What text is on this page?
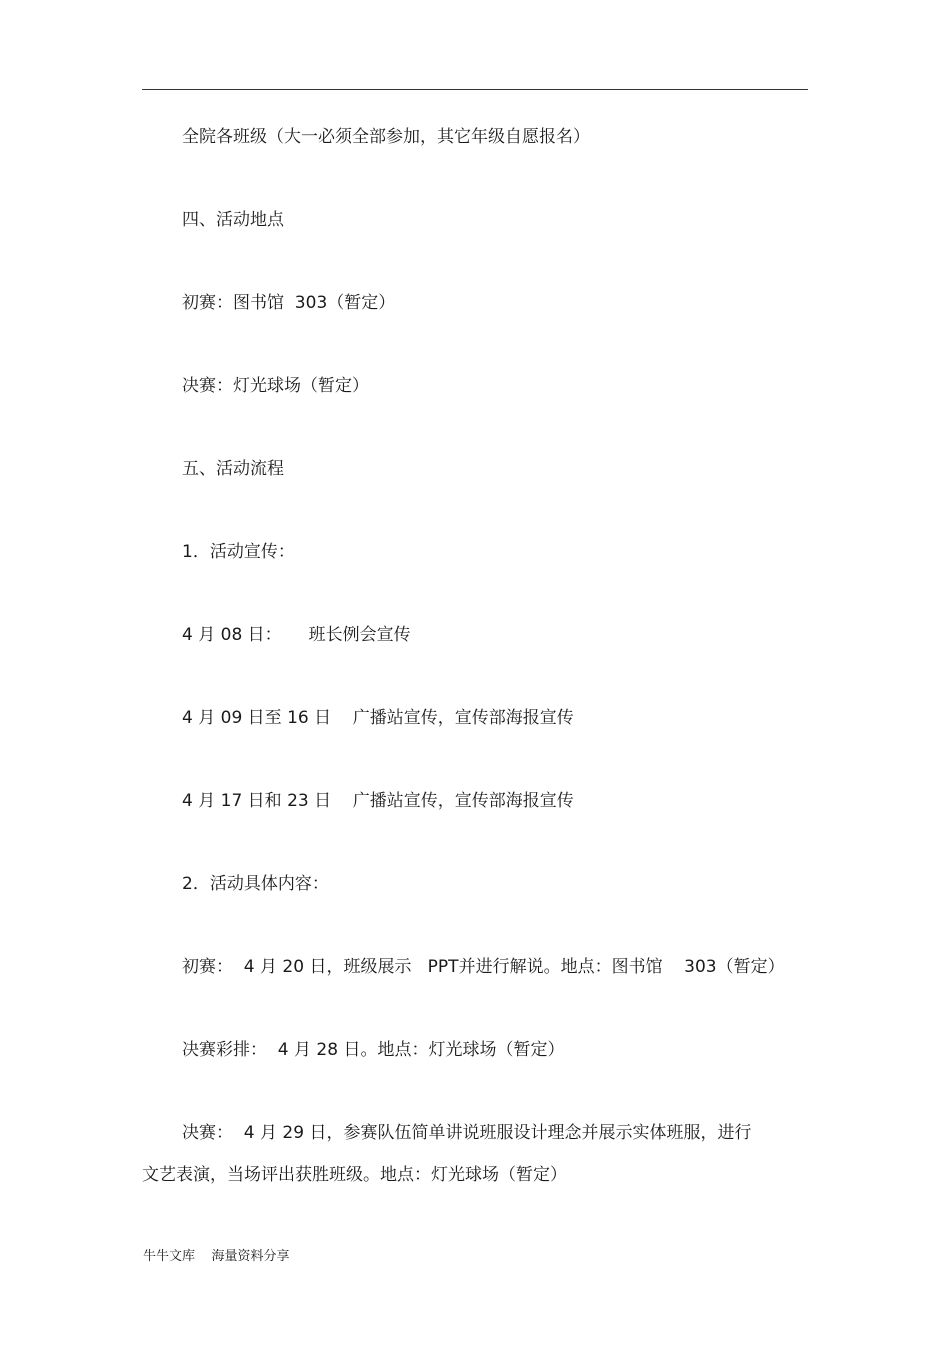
全院各班级（大一必须全部参加，其它年级自愿报名）
四、活动地点
初赛：图书馆  303（暂定）
决赛：灯光球场（暂定）
五、活动流程
1．活动宣传：
4 月 08 日：     班长例会宣传
4 月 09 日至 16 日    广播站宣传，宣传部海报宣传
4 月 17 日和 23 日    广播站宣传，宣传部海报宣传
2．活动具体内容：
初赛：  4 月 20 日，班级展示   PPT并进行解说。地点：图书馆    303（暂定）
决赛彩排：  4 月 28 日。地点：灯光球场（暂定）
决赛：  4 月 29 日，参赛队伍简单讲说班服设计理念并展示实体班服，进行
文艺表演，当场评出获胜班级。地点：灯光球场（暂定）
牛牛文库    海量资料分享
